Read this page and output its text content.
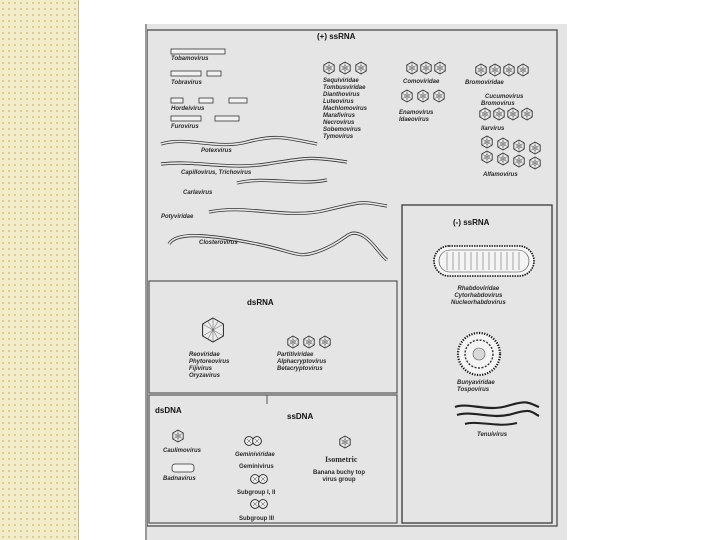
(+) ssRNA
(-) ssRNA
dsRNA
dsDNA
ssDNA
Tobamovirus
Tobravirus
Hordeivirus
Furovirus
Potexvirus
Capillovirus, Trichovirus
Carlavirus
Potyviridae
Closterovirus
Sequiviridae
Tombusviridae
Dianthovirus
Luteovirus
Machlomovirus
Marafivirus
Necrovirus
Sobemovirus
Tymovirus
Comoviridae
Enamovirus
Idaeovirus
Bromoviridae
Cucumovirus
Bromovirus
Ilarvirus
Alfamovirus
Rhabdoviridae
Cytorhabdovirus
Nucleorhabdovirus
Bunyaviridae
Tospovirus
Tenuivirus
Reoviridae
Phytoreovirus
Fijivirus
Oryzavirus
Partitiviridae
Alphacryptovirus
Betacryptovirus
Caulimovirus
Badnavirus
Geminiviridae
Geminivirus
Subgroup I, II
Subgroup III
Isometric
Banana buchy top
virus group
